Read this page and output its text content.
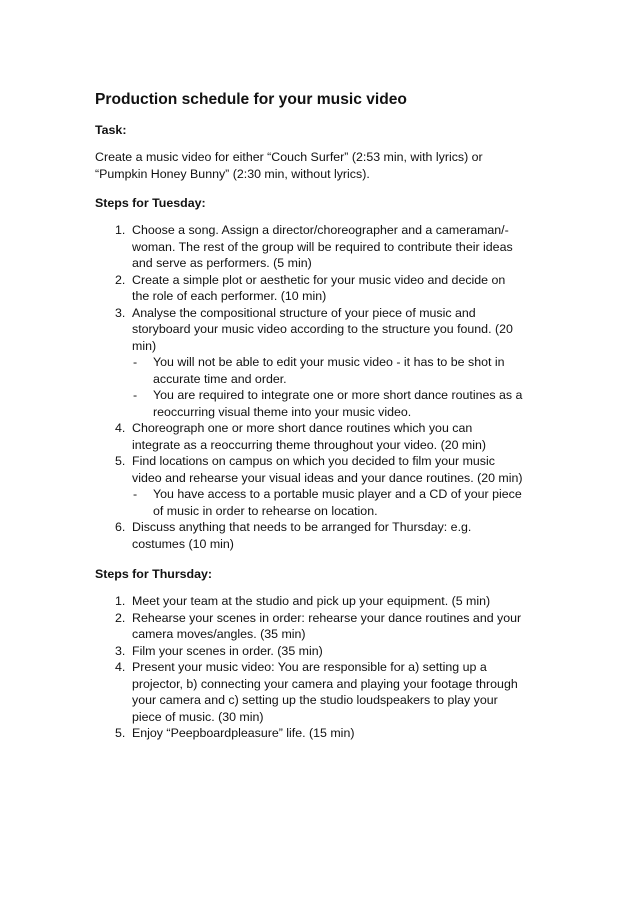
Production schedule for your music video
Task:
Create a music video for either “Couch Surfer” (2:53 min, with lyrics) or
“Pumpkin Honey Bunny” (2:30 min, without lyrics).
Steps for Tuesday:
1. Choose a song. Assign a director/choreographer and a cameraman/-
woman. The rest of the group will be required to contribute their ideas
and serve as performers. (5 min)
2. Create a simple plot or aesthetic for your music video and decide on
the role of each performer. (10 min)
3. Analyse the compositional structure of your piece of music and
storyboard your music video according to the structure you found. (20
min)
- You will not be able to edit your music video - it has to be shot in
accurate time and order.
- You are required to integrate one or more short dance routines as a
reoccurring visual theme into your music video.
4. Choreograph one or more short dance routines which you can
integrate as a reoccurring theme throughout your video. (20 min)
5. Find locations on campus on which you decided to film your music
video and rehearse your visual ideas and your dance routines. (20 min)
- You have access to a portable music player and a CD of your piece
of music in order to rehearse on location.
6. Discuss anything that needs to be arranged for Thursday: e.g.
costumes (10 min)
Steps for Thursday:
1. Meet your team at the studio and pick up your equipment. (5 min)
2. Rehearse your scenes in order: rehearse your dance routines and your
camera moves/angles. (35 min)
3. Film your scenes in order. (35 min)
4. Present your music video: You are responsible for a) setting up a
projector, b) connecting your camera and playing your footage through
your camera and c) setting up the studio loudspeakers to play your
piece of music. (30 min)
5. Enjoy “Peepboardpleasure” life. (15 min)
